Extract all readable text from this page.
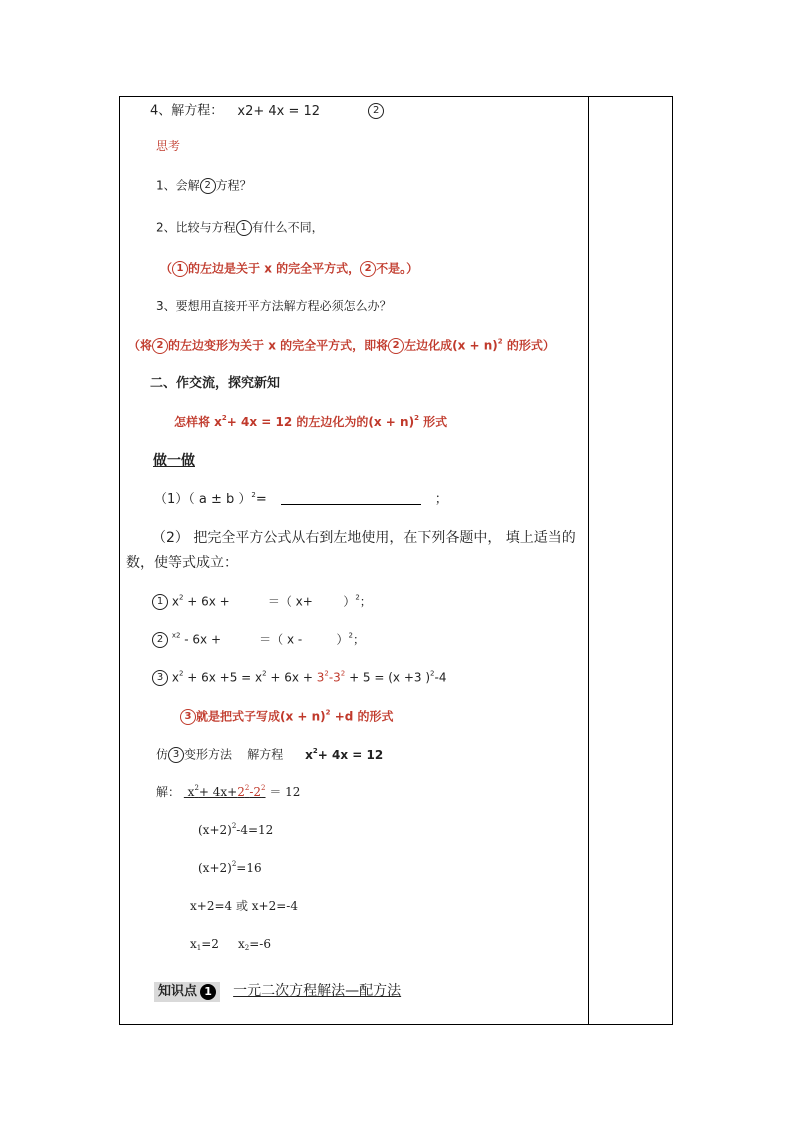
4、解方程： x2+ 4x = 12	2
思考
1、会解 2 方程？
2、比较与方程 1 有什么不同，
（ 1 的左边是关于 x 的完全平方式， 2 不是。）
3、要想用直接开平方法解方程必须怎么办？
（将 2 的左边变形为关于 x 的完全平方式，即将 2 左边化成$(x + n)^2$ 的形式）
二、作交流，探究新知
怎样将 $x^2+ 4x = 12$ 的左边化为的$(x + n)^2$ 形式
做一做
（1）（ a ± b ）$^2$=	；
（2） 把完全平方公式从右到左地使用，在下列各题中， 填上适当的
数，使等式成立：
1 $x^2 + 6x$ +          ＝（ x+        ）$^2$；
2 $^{x2}$ - 6x +          ＝（ x -         ）$^2$；
3 $x^2 + 6x +5 = x^2 + 6x + 3^2-3^2 + 5 = (x +3$ )$^2$-4
3 就是把式子写成$(x + n)^2 +d$ 的形式
仿 3 变形方法    解方程 $x^2+ 4x = 12$
解：  $x^2+ 4x+2^2-2^2 = 12$
$(x+2)^2-4=12$
$(x+2)^2=16$
x+2=4 或 x+2=-4
$x_1=2$     $x_2=-6$
知识点 1 一元二次方程解法—配方法
